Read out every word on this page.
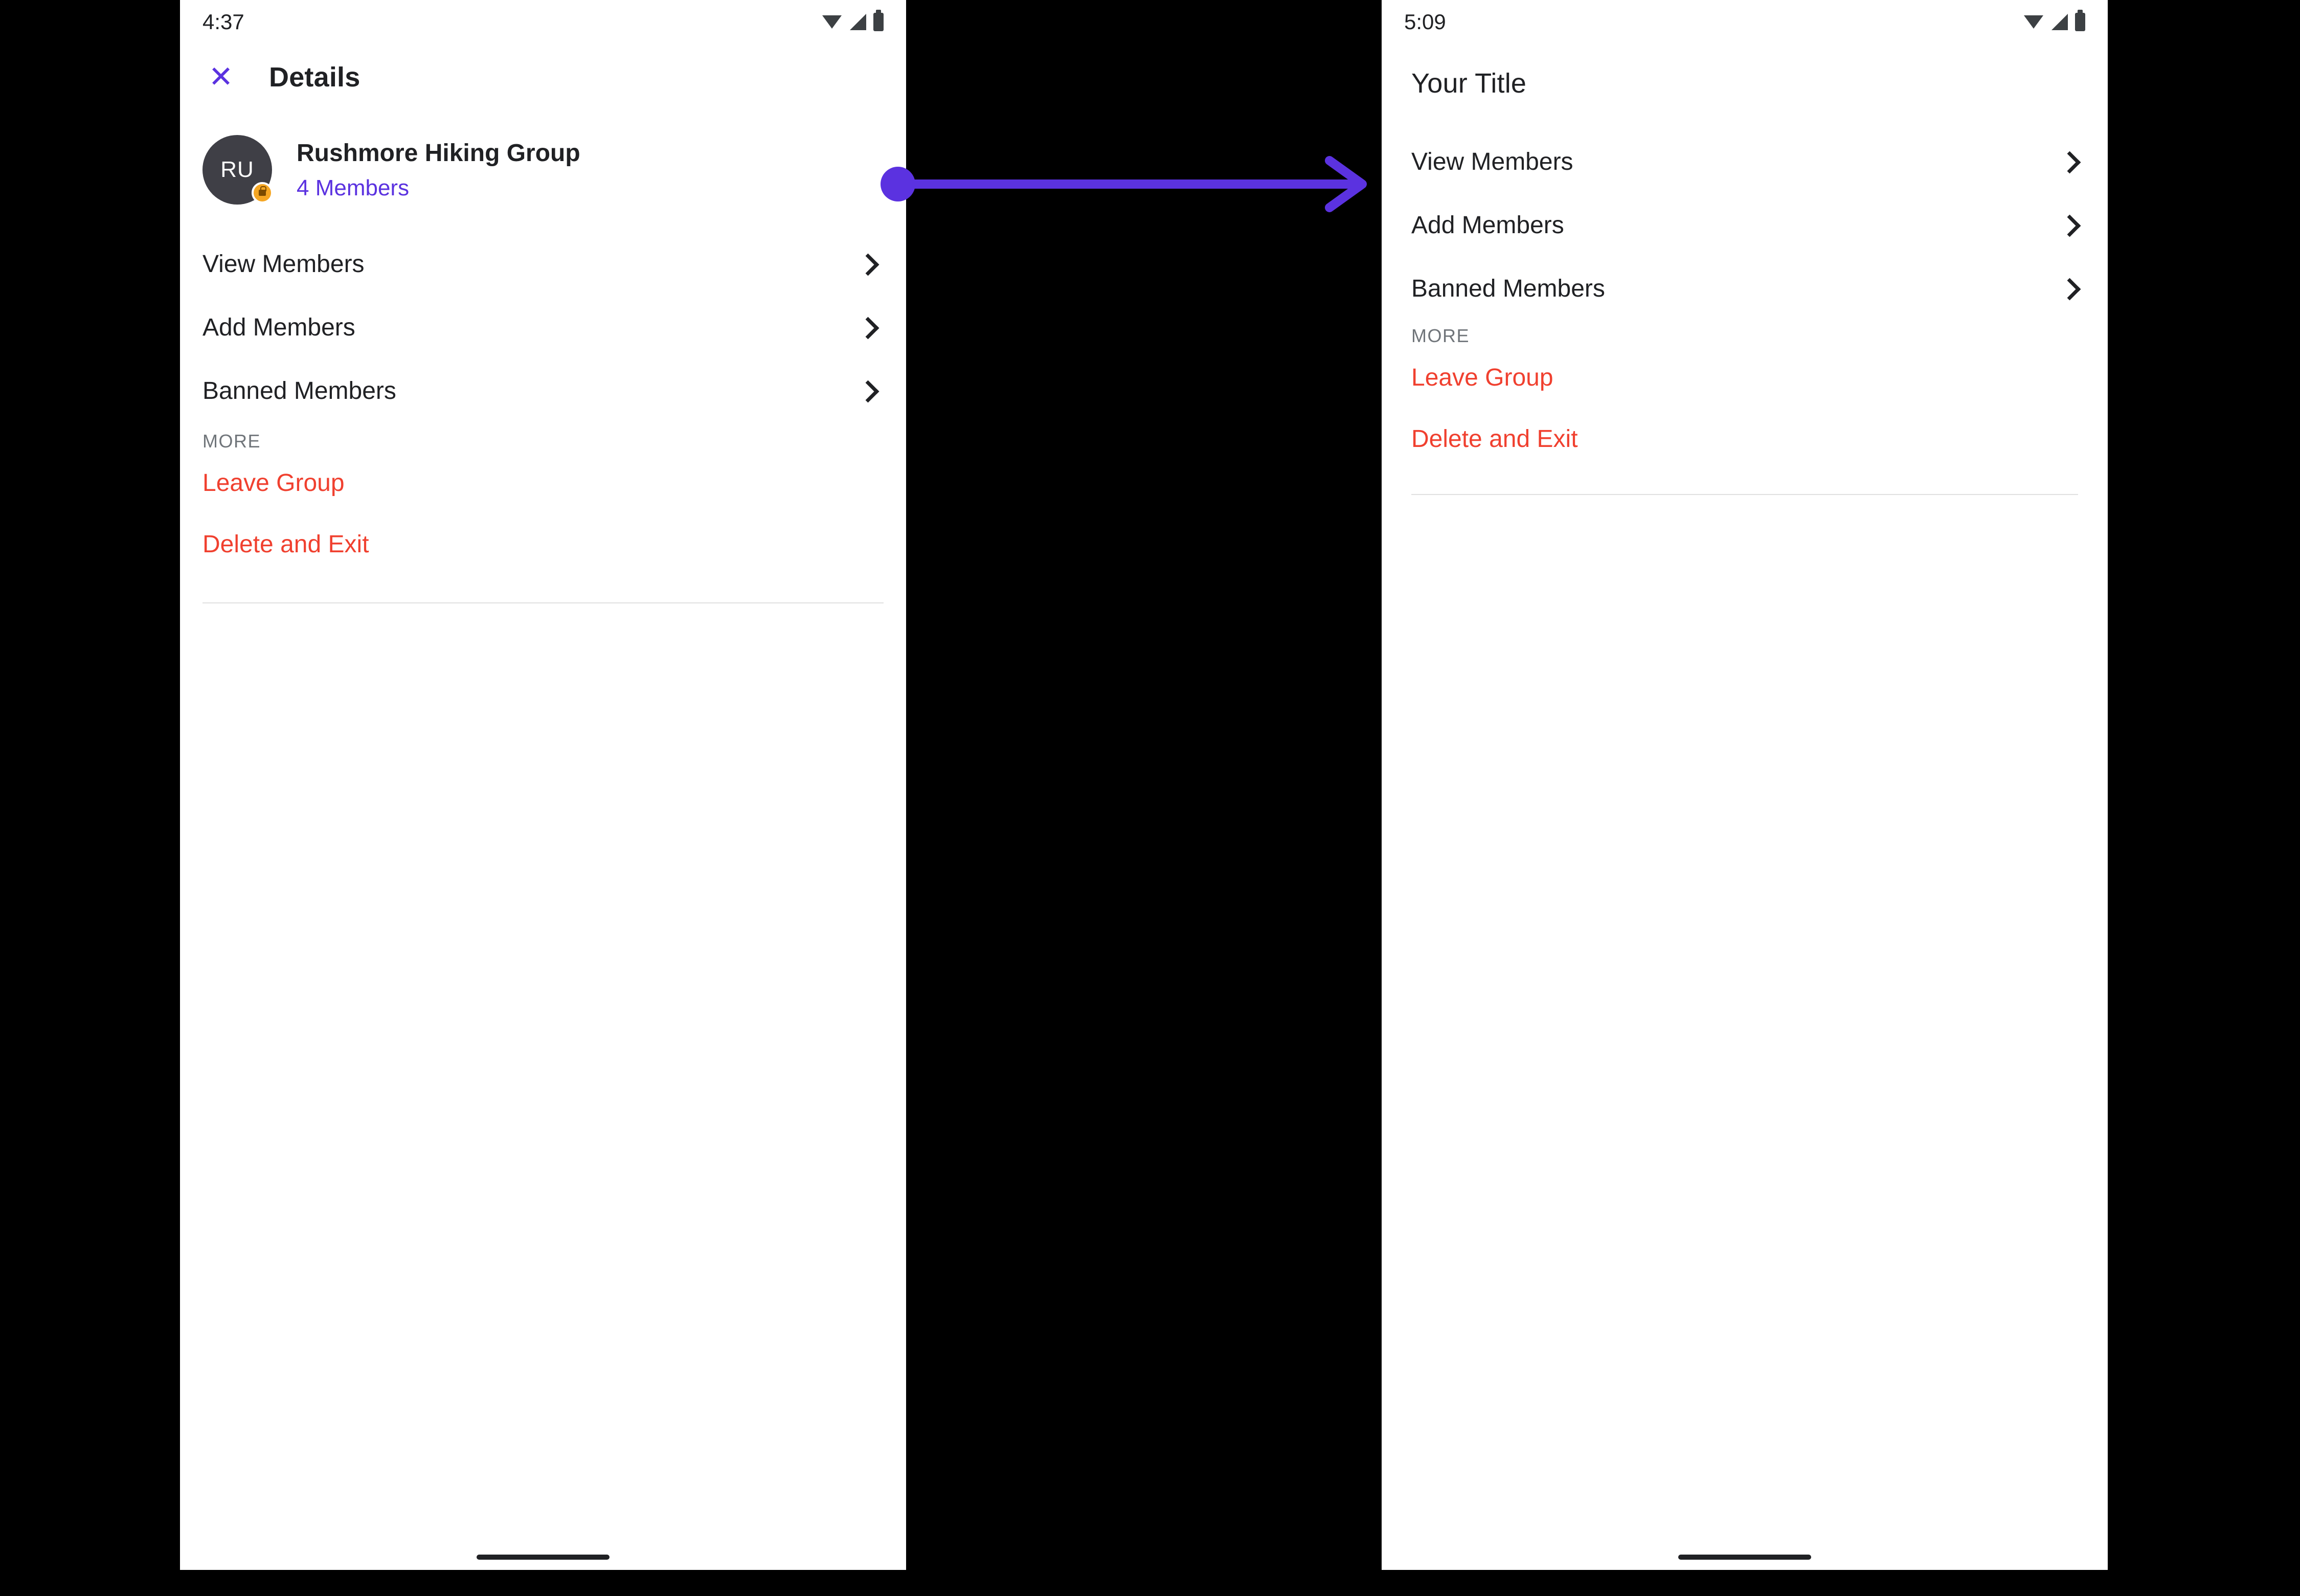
4:37
✕ Details
RU
Rushmore Hiking Group
4 Members
View Members
Add Members
Banned Members
MORE
Leave Group
Delete and Exit
5:09
Your Title
View Members
Add Members
Banned Members
MORE
Leave Group
Delete and Exit
